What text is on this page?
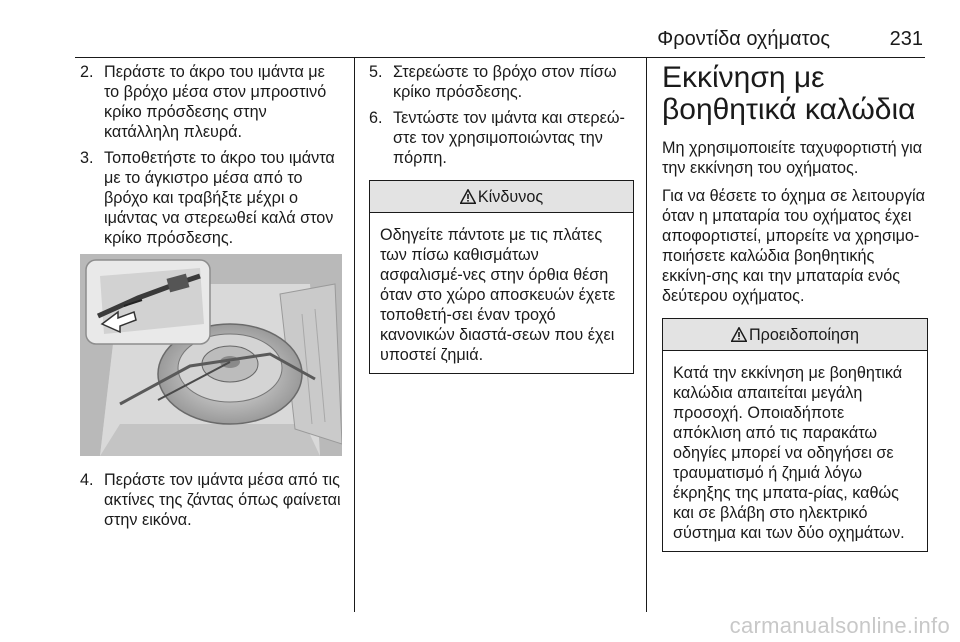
Φροντίδα οχήματος	231
2. Περάστε το άκρο του ιμάντα με το βρόχο μέσα στον μπροστινό κρίκο πρόσδεσης στην κατάλληλη πλευρά.
3. Τοποθετήστε το άκρο του ιμάντα με το άγκιστρο μέσα από το βρόχο και τραβήξτε μέχρι ο ιμάντας να στερεωθεί καλά στον κρίκο πρόσδεσης.
4. Περάστε τον ιμάντα μέσα από τις ακτίνες της ζάντας όπως φαίνεται στην εικόνα.
5. Στερεώστε το βρόχο στον πίσω κρίκο πρόσδεσης.
6. Τεντώστε τον ιμάντα και στερεώ-στε τον χρησιμοποιώντας την πόρπη.
Κίνδυνος
Οδηγείτε πάντοτε με τις πλάτες των πίσω καθισμάτων ασφαλισμέ-νες στην όρθια θέση όταν στο χώρο αποσκευών έχετε τοποθετή-σει έναν τροχό κανονικών διαστά-σεων που έχει υποστεί ζημιά.
Εκκίνηση με βοηθητικά καλώδια

Μη χρησιμοποιείτε ταχυφορτιστή για την εκκίνηση του οχήματος.

Για να θέσετε το όχημα σε λειτουργία όταν η μπαταρία του οχήματος έχει αποφορτιστεί, μπορείτε να χρησιμο-ποιήσετε καλώδια βοηθητικής εκκίνη-σης και την μπαταρία ενός δεύτερου οχήματος.

Προειδοποίηση
Κατά την εκκίνηση με βοηθητικά καλώδια απαιτείται μεγάλη προσοχή. Οποιαδήποτε απόκλιση από τις παρακάτω οδηγίες μπορεί να οδηγήσει σε τραυματισμό ή ζημιά λόγω έκρηξης της μπατα-ρίας, καθώς και σε βλάβη στο ηλεκτρικό σύστημα και των δύο οχημάτων.
carmanualsonline.info
